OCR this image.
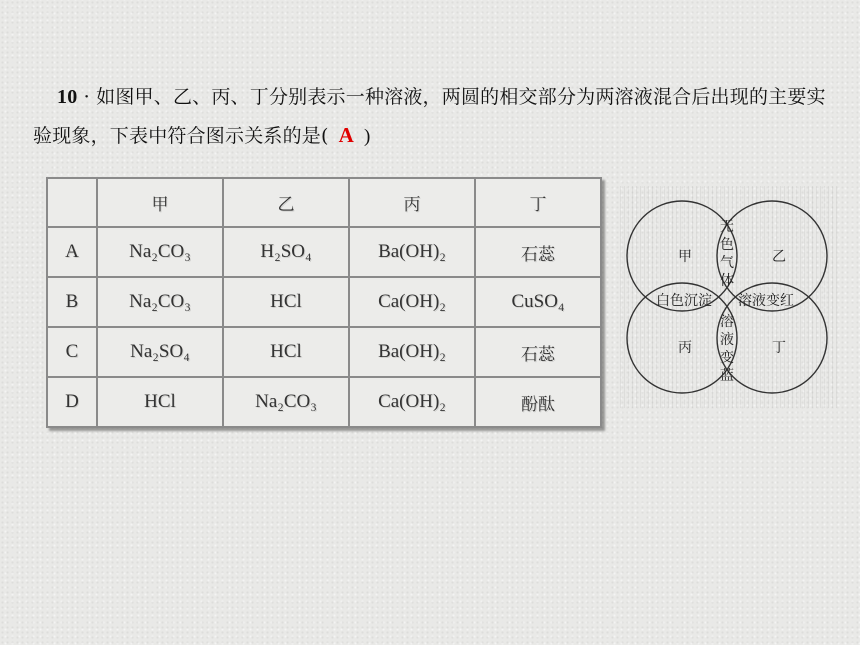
10 · 如图甲、乙、丙、丁分别表示一种溶液，两圆的相交部分为两溶液混合后出现的主要实验现象，下表中符合图示关系的是( A )
	甲	乙	丙	丁
A	Na₂CO₃	H₂SO₄	Ba(OH)₂	石蕊
B	Na₂CO₃	HCl	Ca(OH)₂	CuSO₄
C	Na₂SO₄	HCl	Ba(OH)₂	石蕊
D	HCl	Na₂CO₃	Ca(OH)₂	酚酞
甲	乙
丙	丁
无
色
气
体
白色沉淀 溶液变红
溶
液
变
蓝
